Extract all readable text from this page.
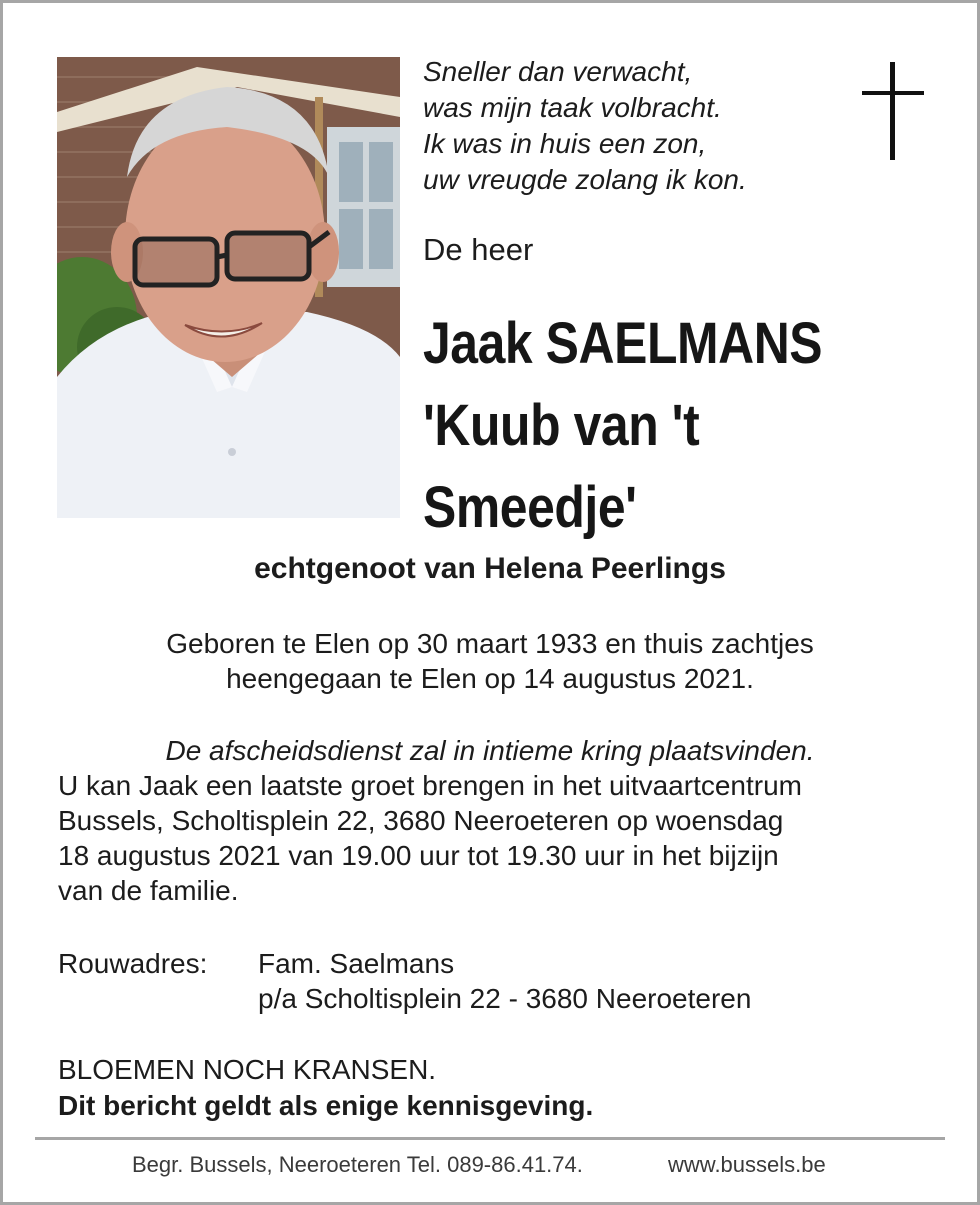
Sneller dan verwacht,
was mijn taak volbracht.
Ik was in huis een zon,
uw vreugde zolang ik kon.
De heer
Jaak SAELMANS
'Kuub van 't
Smeedje'
echtgenoot van Helena Peerlings
Geboren te Elen op 30 maart 1933 en thuis zachtjes
heengegaan te Elen op 14 augustus 2021.
De afscheidsdienst zal in intieme kring plaatsvinden.
U kan Jaak een laatste groet brengen in het uitvaartcentrum
Bussels, Scholtisplein 22, 3680 Neeroeteren op woensdag
18 augustus 2021 van 19.00 uur tot 19.30 uur in het bijzijn
van de familie.
Rouwadres: Fam. Saelmans
p/a Scholtisplein 22 - 3680 Neeroeteren
BLOEMEN NOCH KRANSEN.
Dit bericht geldt als enige kennisgeving.
Begr. Bussels, Neeroeteren Tel. 089-86.41.74.	www.bussels.be
